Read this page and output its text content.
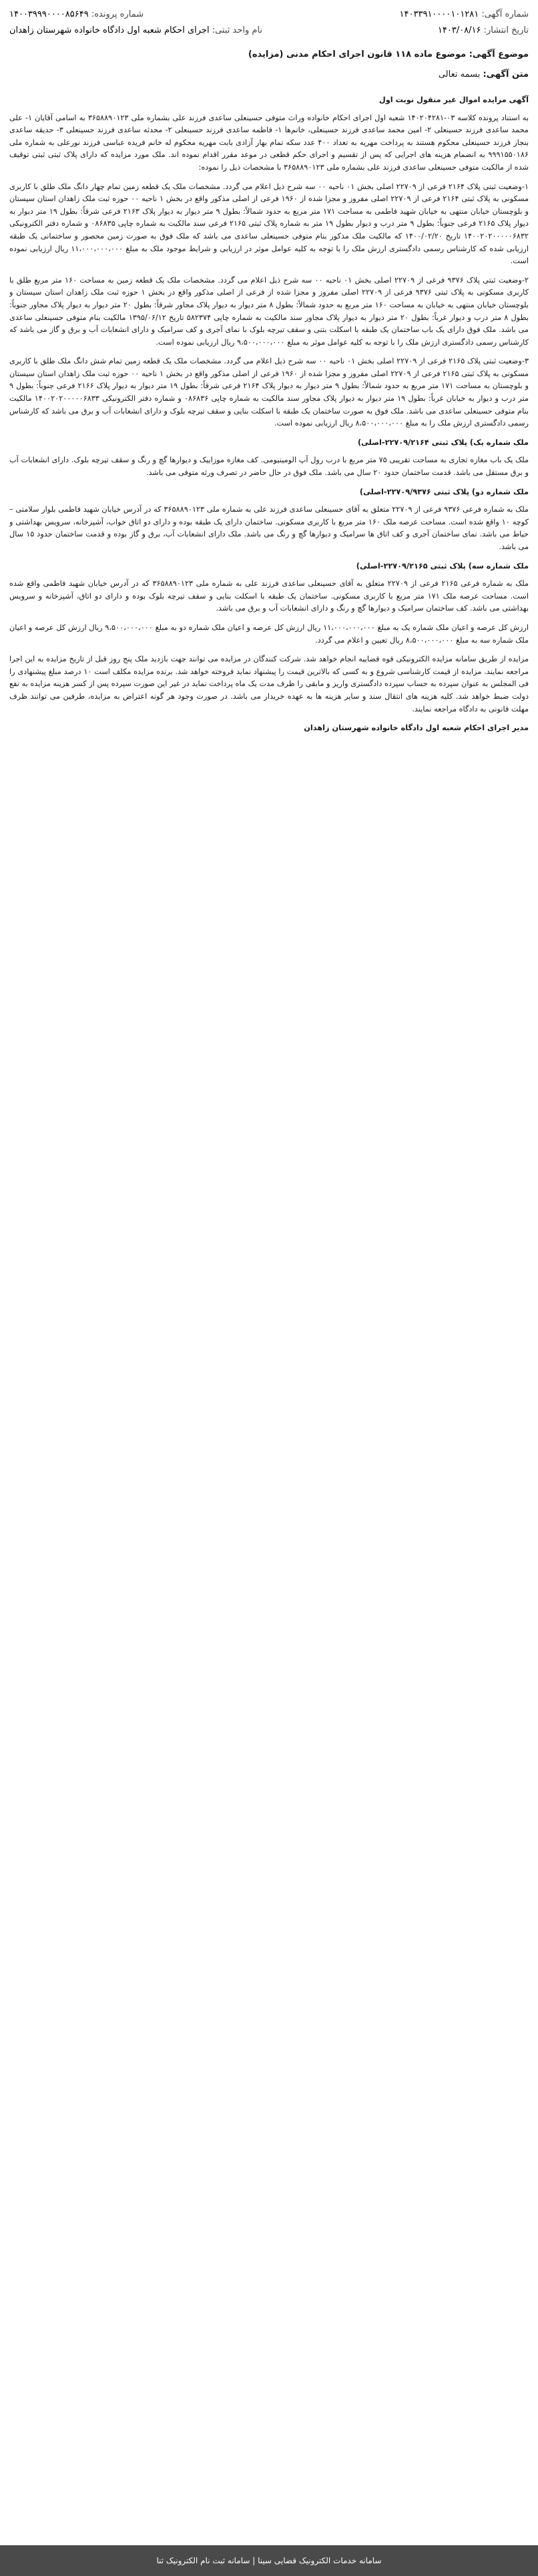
شماره آگهی: ۱۴۰۳۳۹۱۰۰۰۰۱۰۱۲۸۱
شماره پرونده: ۱۴۰۰۳۹۹۹۰۰۰۰۸۵۶۴۹
تاریخ انتشار: ۱۴۰۳/۰۸/۱۶
نام واحد ثبتی: اجرای احکام شعبه اول دادگاه خانواده شهرستان زاهدان
موضوع آگهی: موضوع ماده ۱۱۸ قانون اجرای احکام مدنی (مزایده)
متن آگهی: بسمه تعالی

آگهی مزایده اموال غیر منقول نوبت اول

به استناد پرونده کلاسه ۰۳-۱۴۰۲۰۴۲۸۱ شعبه اول اجرای احکام خانواده وراث متوفی حسینعلی ساعدی فرزند علی بشماره ملی ۳۶۵۸۸۹۰۱۲۳ به اسامی آقایان ۱- علی محمد ساعدی فرزند حسینعلی ۲- امین محمد ساعدی فرزند حسینعلی، خانم‌ها ۱- فاطمه ساعدی فرزند حسینعلی ۲- محدثه ساعدی فرزند حسینعلی ۳- حدیقه ساعدی بنجار فرزند حسینعلی محکوم هستند به پرداخت مهریه به تعداد ۴۰۰ عدد سکه تمام بهار آزادی بابت مهریه محکوم له خانم فریده عباسی فرزند نورعلی به شماره ملی ۹۹۹۱۵۵۰۱۸۶ به انضمام هزینه های اجرایی که پس از تقسیم و اجرای حکم قطعی در موعد مقرر اقدام نموده اند. ملک مورد مزایده که دارای پلاک ثبتی ثبتی توقیف شده از مالکیت متوفی حسینعلی ساعدی فرزند علی بشماره ملی ۳۶۵۸۸۹۰۱۲۳ با مشخصات ذیل را نموده:

۱-وضعیت ثبتی پلاک ۲۱۶۴ فرعی از ۲۲۷۰۹ اصلی بخش ۰۱ ناحیه ۰۰ سه شرح ذیل اعلام می گردد. مشخصات ملک یک قطعه زمین تمام چهار دانگ ملک طلق با کاربری مسکونی به پلاک ثبتی ۲۱۶۴ فرعی از ۲۲۷۰۹ اصلی مفروز و مجزا شده از ۱۹۶۰ فرعی از اصلی مذکور واقع در بخش ۱ ناحیه ۰۰ حوزه ثبت ملک زاهدان استان سیستان و بلوچستان خیابان منتهی به خیابان شهید فاطمی به مساحت ۱۷۱ متر مربع به حدود شمالاً: بطول ۹ متر دیوار به دیوار پلاک ۲۱۶۳ فرعی شرقاً: بطول ۱۹ متر دیوار به دیوار پلاک ۲۱۶۵ فرعی جنوباً: بطول ۹ متر درب و دیوار بطول ۱۹ متر به شماره پلاک ثبتی ۲۱۶۵ فرعی سند مالکیت به شماره چاپی ۰۸۶۸۳۵ و شماره دفتر الکترونیکی ۱۴۰۰۲۰۲۰۰۰۰۰۶۸۳۲ تاریخ ۱۴۰۰/۰۲/۲۰ که مالکیت ملک مذکور بنام متوفی حسینعلی ساعدی می باشد که ملک فوق به صورت زمین محصور و ساختمانی یک طبقه ارزیابی شده که کارشناس رسمی دادگستری ارزش ملک را با توجه به کلیه عوامل موثر در ارزیابی و شرایط موجود ملک به مبلغ ۱۱،۰۰۰،۰۰۰،۰۰۰ ریال ارزیابی نموده است.

۲-وضعیت ثبتی پلاک ۹۳۷۶ فرعی از ۲۲۷۰۹ اصلی بخش ۰۱ ناحیه ۰۰ سه شرح ذیل اعلام می گردد. مشخصات ملک یک قطعه زمین به مساحت ۱۶۰ متر مربع طلق با کاربری مسکونی به پلاک ثبتی ۹۳۷۶ فرعی از ۲۲۷۰۹ اصلی مفروز و مجزا شده از فرعی از اصلی مذکور واقع در بخش ۱ حوزه ثبت ملک زاهدان استان سیستان و بلوچستان خیابان منتهی به خیابان به مساحت ۱۶۰ متر مربع به حدود شمالاً: بطول ۸ متر دیوار به دیوار پلاک مجاور شرقاً: بطول ۲۰ متر دیوار به دیوار پلاک مجاور جنوباً: بطول ۸ متر درب و دیوار غرباً: بطول ۲۰ متر دیوار به دیوار پلاک مجاور سند مالکیت به شماره چاپی ۵۸۲۳۷۴ تاریخ ۱۳۹۵/۰۶/۱۲ مالکیت بنام متوفی حسینعلی ساعدی می باشد. ملک فوق دارای یک باب ساختمان یک طبقه با اسکلت بتنی و سقف تیرچه بلوک با نمای آجری و کف سرامیک و دارای انشعابات آب و برق و گاز می باشد که کارشناس رسمی دادگستری ارزش ملک را با توجه به کلیه عوامل موثر به مبلغ ۹،۵۰۰،۰۰۰،۰۰۰ ریال ارزیابی نموده است.

۳-وضعیت ثبتی پلاک ۲۱۶۵ فرعی از ۲۲۷۰۹ اصلی بخش ۰۱ ناحیه ۰۰ سه شرح ذیل اعلام می گردد. مشخصات ملک یک قطعه زمین تمام شش دانگ ملک طلق با کاربری مسکونی به پلاک ثبتی ۲۱۶۵ فرعی از ۲۲۷۰۹ اصلی مفروز و مجزا شده از ۱۹۶۰ فرعی از اصلی مذکور واقع در بخش ۱ ناحیه ۰۰ حوزه ثبت ملک زاهدان استان سیستان و بلوچستان به مساحت ۱۷۱ متر مربع به حدود شمالاً: بطول ۹ متر دیوار به دیوار پلاک ۲۱۶۴ فرعی شرقاً: بطول ۱۹ متر دیوار به دیوار پلاک ۲۱۶۶ فرعی جنوباً: بطول ۹ متر درب و دیوار به خیابان غرباً: بطول ۱۹ متر دیوار به دیوار پلاک مجاور سند مالکیت به شماره چاپی ۰۸۶۸۳۶ و شماره دفتر الکترونیکی ۱۴۰۰۲۰۲۰۰۰۰۰۶۸۳۳ مالکیت بنام متوفی حسینعلی ساعدی می باشد. ملک فوق به صورت ساختمان یک طبقه با اسکلت بنایی و سقف تیرچه بلوک و دارای انشعابات آب و برق می باشد که کارشناس رسمی دادگستری ارزش ملک را به مبلغ ۸،۵۰۰،۰۰۰،۰۰۰ ریال ارزیابی نموده است.

ملک شماره یک) پلاک ثبتی ۲۲۷۰۹/۲۱۶۴-اصلی)

ملک یک باب مغازه تجاری به مساحت تقریبی ۷۵ متر مربع با درب رول آپ الومینیومی. کف مغازه موزاییک و دیوارها گچ و رنگ و سقف تیرچه بلوک. دارای انشعابات آب و برق مستقل می باشد. قدمت ساختمان حدود ۲۰ سال می باشد. ملک فوق در حال حاضر در تصرف ورثه متوفی می باشد.

ملک شماره دو) پلاک ثبتی ۲۲۷۰۹/۹۳۷۶-اصلی)

ملک به شماره فرعی ۹۳۷۶ فرعی از ۲۲۷۰۹ متعلق به آقای حسینعلی ساعدی فرزند علی به شماره ملی ۳۶۵۸۸۹۰۱۲۳ که در آدرس خیابان شهید فاطمی بلوار سلامتی – کوچه ۱۰ واقع شده است. مساحت عرصه ملک ۱۶۰ متر مربع با کاربری مسکونی. ساختمان دارای یک طبقه بوده و دارای دو اتاق خواب، آشپزخانه، سرویس بهداشتی و حیاط می باشد. نمای ساختمان آجری و کف اتاق ها سرامیک و دیوارها گچ و رنگ می باشد. ملک دارای انشعابات آب، برق و گاز بوده و قدمت ساختمان حدود ۱۵ سال می باشد.

ملک شماره سه) پلاک ثبتی ۲۲۷۰۹/۲۱۶۵-اصلی)

ملک به شماره فرعی ۲۱۶۵ فرعی از ۲۲۷۰۹ متعلق به آقای حسینعلی ساعدی فرزند علی به شماره ملی ۳۶۵۸۸۹۰۱۲۳ که در آدرس خیابان شهید فاطمی واقع شده است. مساحت عرصه ملک ۱۷۱ متر مربع با کاربری مسکونی. ساختمان یک طبقه با اسکلت بنایی و سقف تیرچه بلوک بوده و دارای دو اتاق، آشپزخانه و سرویس بهداشتی می باشد. کف ساختمان سرامیک و دیوارها گچ و رنگ و دارای انشعابات آب و برق می باشد.

ارزش کل عرصه و اعیان ملک شماره یک به مبلغ ۱۱،۰۰۰،۰۰۰،۰۰۰ ریال ارزش کل عرصه و اعیان ملک شماره دو به مبلغ ۹،۵۰۰،۰۰۰،۰۰۰ ریال ارزش کل عرصه و اعیان ملک شماره سه به مبلغ ۸،۵۰۰،۰۰۰،۰۰۰ ریال تعیین و اعلام می گردد.

مزایده از طریق سامانه مزایده الکترونیکی قوه قضاییه انجام خواهد شد. شرکت کنندگان در مزایده می توانند جهت بازدید ملک پنج روز قبل از تاریخ مزایده به این اجرا مراجعه نمایند. مزایده از قیمت کارشناسی شروع و به کسی که بالاترین قیمت را پیشنهاد نماید فروخته خواهد شد. برنده مزایده مکلف است ۱۰ درصد مبلغ پیشنهادی را فی المجلس به عنوان سپرده به حساب سپرده دادگستری واریز و مابقی را ظرف مدت یک ماه پرداخت نماید در غیر این صورت سپرده پس از کسر هزینه مزایده به نفع دولت ضبط خواهد شد. کلیه هزینه های انتقال سند و سایر هزینه ها به عهده خریدار می باشد. در صورت وجود هر گونه اعتراض به مزایده، طرفین می توانند ظرف مهلت قانونی به دادگاه مراجعه نمایند.

مدیر اجرای احکام شعبه اول دادگاه خانواده شهرستان زاهدان

سامانه خدمات الکترونیک قضایی سینا | سامانه ثبت نام الکترونیک ثنا
